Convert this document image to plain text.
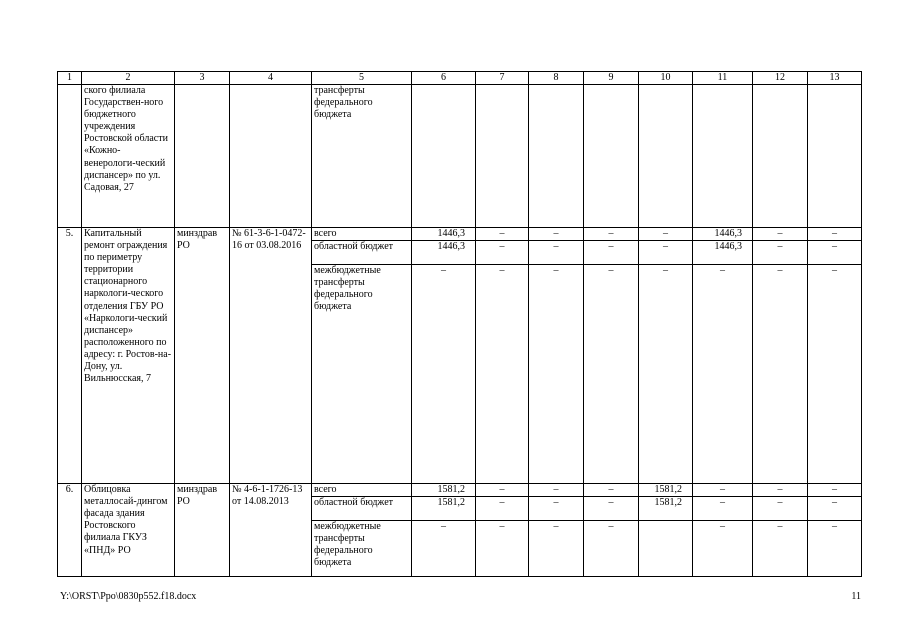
1	2	3	4	5	6	7	8	9	10	11	12	13
	ского филиала Государствен-ного бюджетного учреждения Ростовской области «Кожно-венерологи-ческий диспансер» по ул. Садовая, 27			трансферты федерального бюджета								
5.	Капитальный ремонт ограждения по периметру территории стационарного наркологи-ческого отделения ГБУ РО «Наркологи-ческий диспансер» расположенного по адресу: г. Ростов-на-Дону, ул. Вильнюсская, 7	минздрав РО	№ 61-3-6-1-0472-16 от 03.08.2016	всего	1446,3	–	–	–	–	1446,3	–	–
				областной бюджет	1446,3	–	–	–	–	1446,3	–	–
				межбюджетные трансферты федерального бюджета	–	–	–	–	–	–	–	–
6.	Облицовка металлосай-дингом фасада здания Ростовского филиала ГКУЗ «ПНД» РО	минздрав РО	№ 4-6-1-1726-13 от 14.08.2013	всего	1581,2	–	–	–	1581,2	–	–	–
				областной бюджет	1581,2	–	–	–	1581,2	–	–	–
				межбюджетные трансферты федерального бюджета	–	–	–	–		–	–	–
Y:\ORST\Ppo\0830p552.f18.docx	11
